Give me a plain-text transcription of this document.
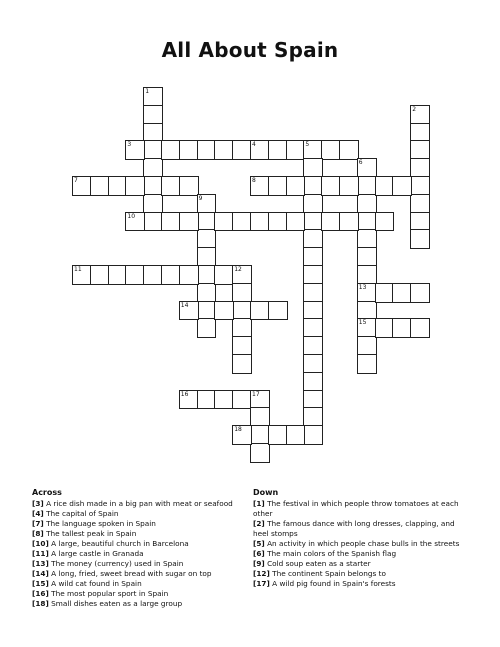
All About Spain
1
2
3	4	5
6
7	8
9
10
11	12
13
14
15
16	17
18
Across
[3] A rice dish made in a big pan with meat or seafood
[4] The capital of Spain
[7] The language spoken in Spain
[8] The tallest peak in Spain
[10] A large, beautiful church in Barcelona
[11] A large castle in Granada
[13] The money (currency) used in Spain
[14] A long, fried, sweet bread with sugar on top
[15] A wild cat found in Spain
[16] The most popular sport in Spain
[18] Small dishes eaten as a large group
Down
[1] The festival in which people throw tomatoes at each other
[2] The famous dance with long dresses, clapping, and heel stomps
[5] An activity in which people chase bulls in the streets
[6] The main colors of the Spanish flag
[9] Cold soup eaten as a starter
[12] The continent Spain belongs to
[17] A wild pig found in Spain's forests
